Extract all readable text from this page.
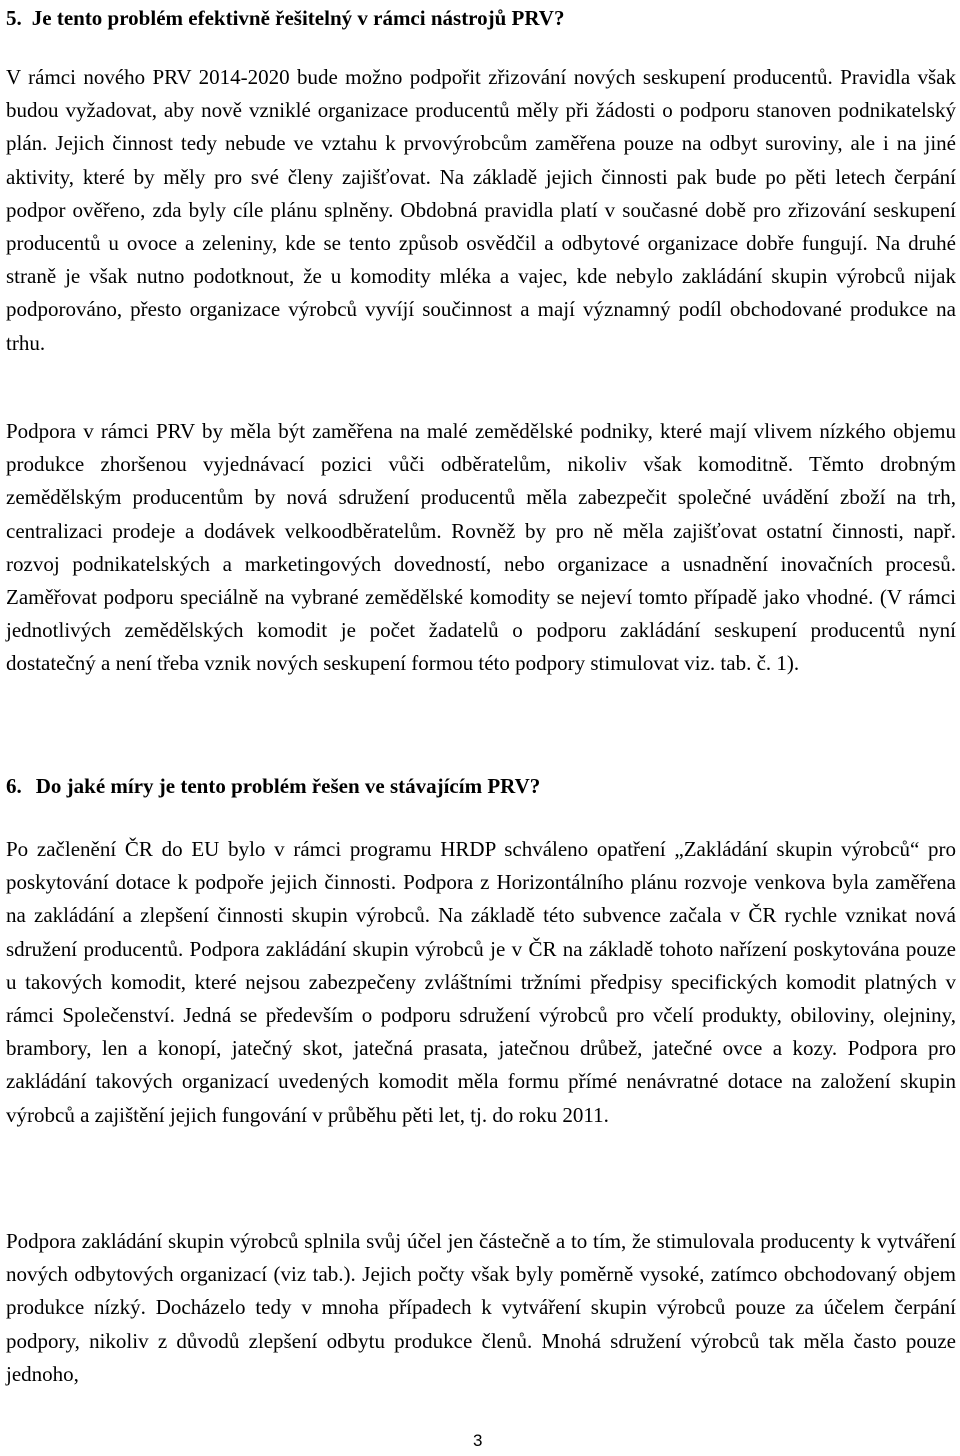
5. Je tento problém efektivně řešitelný v rámci nástrojů PRV?

V rámci nového PRV 2014-2020 bude možno podpořit zřizování nových seskupení producentů. Pravidla však budou vyžadovat, aby nově vzniklé organizace producentů měly při žádosti o podporu stanoven podnikatelský plán. Jejich činnost tedy nebude ve vztahu k prvovýrobcům zaměřena pouze na odbyt suroviny, ale i na jiné aktivity, které by měly pro své členy zajišťovat. Na základě jejich činnosti pak bude po pěti letech čerpání podpor ověřeno, zda byly cíle plánu splněny. Obdobná pravidla platí v současné době pro zřizování seskupení producentů u ovoce a zeleniny, kde se tento způsob osvědčil a odbytové organizace dobře fungují. Na druhé straně je však nutno podotknout, že u komodity mléka a vajec, kde nebylo zakládání skupin výrobců nijak podporováno, přesto organizace výrobců vyvíjí součinnost a mají významný podíl obchodované produkce na trhu.

Podpora v rámci PRV by měla být zaměřena na malé zemědělské podniky, které mají vlivem nízkého objemu produkce zhoršenou vyjednávací pozici vůči odběratelům, nikoliv však komoditně. Těmto drobným zemědělským producentům by nová sdružení producentů měla zabezpečit společné uvádění zboží na trh, centralizaci prodeje a dodávek velkoodběratelům. Rovněž by pro ně měla zajišťovat ostatní činnosti, např. rozvoj podnikatelských a marketingových dovedností, nebo organizace a usnadnění inovačních procesů. Zaměřovat podporu speciálně na vybrané zemědělské komodity se nejeví tomto případě jako vhodné. (V rámci jednotlivých zemědělských komodit je počet žadatelů o podporu zakládání seskupení producentů nyní dostatečný a není třeba vznik nových seskupení formou této podpory stimulovat viz. tab. č. 1).

6. Do jaké míry je tento problém řešen ve stávajícím PRV?

Po začlenění ČR do EU bylo v rámci programu HRDP schváleno opatření „Zakládání skupin výrobců“ pro poskytování dotace k podpoře jejich činnosti. Podpora z Horizontálního plánu rozvoje venkova byla zaměřena na zakládání a zlepšení činnosti skupin výrobců. Na základě této subvence začala v ČR rychle vznikat nová sdružení producentů. Podpora zakládání skupin výrobců je v ČR na základě tohoto nařízení poskytována pouze u takových komodit, které nejsou zabezpečeny zvláštními tržními předpisy specifických komodit platných v rámci Společenství. Jedná se především o podporu sdružení výrobců pro včelí produkty, obiloviny, olejniny, brambory, len a konopí, jatečný skot, jatečná prasata, jatečnou drůbež, jatečné ovce a kozy. Podpora pro zakládání takových organizací uvedených komodit měla formu přímé nenávratné dotace na založení skupin výrobců a zajištění jejich fungování v průběhu pěti let, tj. do roku 2011.

Podpora zakládání skupin výrobců splnila svůj účel jen částečně a to tím, že stimulovala producenty k vytváření nových odbytových organizací (viz tab.). Jejich počty však byly poměrně vysoké, zatímco obchodovaný objem produkce nízký. Docházelo tedy v mnoha případech k vytváření skupin výrobců pouze za účelem čerpání podpory, nikoliv z důvodů zlepšení odbytu produkce členů. Mnohá sdružení výrobců tak měla často pouze jednoho,

3
